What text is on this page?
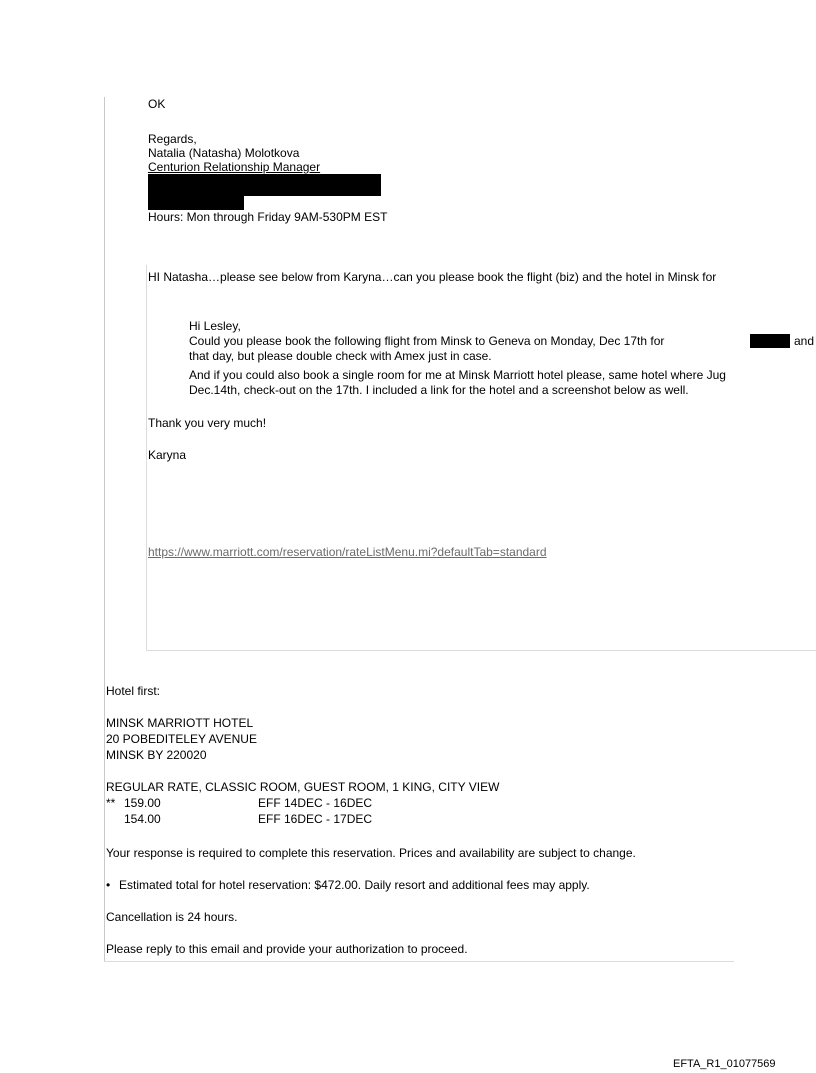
OK
Regards,
Natalia (Natasha) Molotkova
Centurion Relationship Manager
Hours: Mon through Friday 9AM-530PM EST
HI Natasha…please see below from Karyna…can you please book the flight (biz) and the hotel in Minsk for
Hi Lesley,
Could you please book the following flight from Minsk to Geneva on Monday, Dec 17th for	and
that day, but please double check with Amex just in case.
And if you could also book a single room for me at Minsk Marriott hotel please, same hotel where Jug
Dec.14th, check-out on the 17th. I included a link for the hotel and a screenshot below as well.
Thank you very much!
Karyna
https://www.marriott.com/reservation/rateListMenu.mi?defaultTab=standard
Hotel first:
MINSK MARRIOTT HOTEL
20 POBEDITELEY AVENUE
MINSK BY 220020
REGULAR RATE, CLASSIC ROOM, GUEST ROOM, 1 KING, CITY VIEW
** 159.00	EFF 14DEC - 16DEC
154.00	EFF 16DEC - 17DEC
Your response is required to complete this reservation. Prices and availability are subject to change.
• Estimated total for hotel reservation: $472.00. Daily resort and additional fees may apply.
Cancellation is 24 hours.
Please reply to this email and provide your authorization to proceed.
EFTA_R1_01077569
